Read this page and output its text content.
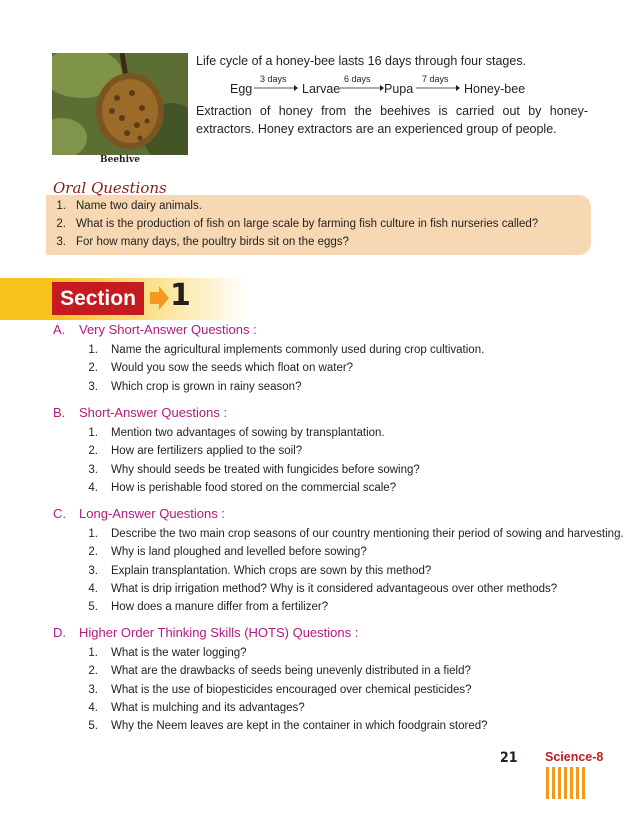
Beehive
Life cycle of a honey-bee lasts 16 days through four stages.
Egg
3 days
Larvae
6 days
Pupa
7 days
Honey-bee
Extraction of honey from the beehives is carried out by honey-extractors. Honey extractors are an experienced group of people.
Oral Questions
1. Name two dairy animals.
2. What is the production of fish on large scale by farming fish culture in fish nurseries called?
3. For how many days, the poultry birds sit on the eggs?
Section 1
A. Very Short-Answer Questions :
1. Name the agricultural implements commonly used during crop cultivation.
2. Would you sow the seeds which float on water?
3. Which crop is grown in rainy season?
B. Short-Answer Questions :
1. Mention two advantages of sowing by transplantation.
2. How are fertilizers applied to the soil?
3. Why should seeds be treated with fungicides before sowing?
4. How is perishable food stored on the commercial scale?
C. Long-Answer Questions :
1. Describe the two main crop seasons of our country mentioning their period of sowing and harvesting.
2. Why is land ploughed and levelled before sowing?
3. Explain transplantation. Which crops are sown by this method?
4. What is drip irrigation method? Why is it considered advantageous over other methods?
5. How does a manure differ from a fertilizer?
D. Higher Order Thinking Skills (HOTS) Questions :
1. What is the water logging?
2. What are the drawbacks of seeds being unevenly distributed in a field?
3. What is the use of biopesticides encouraged over chemical pesticides?
4. What is mulching and its advantages?
5. Why the Neem leaves are kept in the container in which foodgrain stored?
21 Science-8
